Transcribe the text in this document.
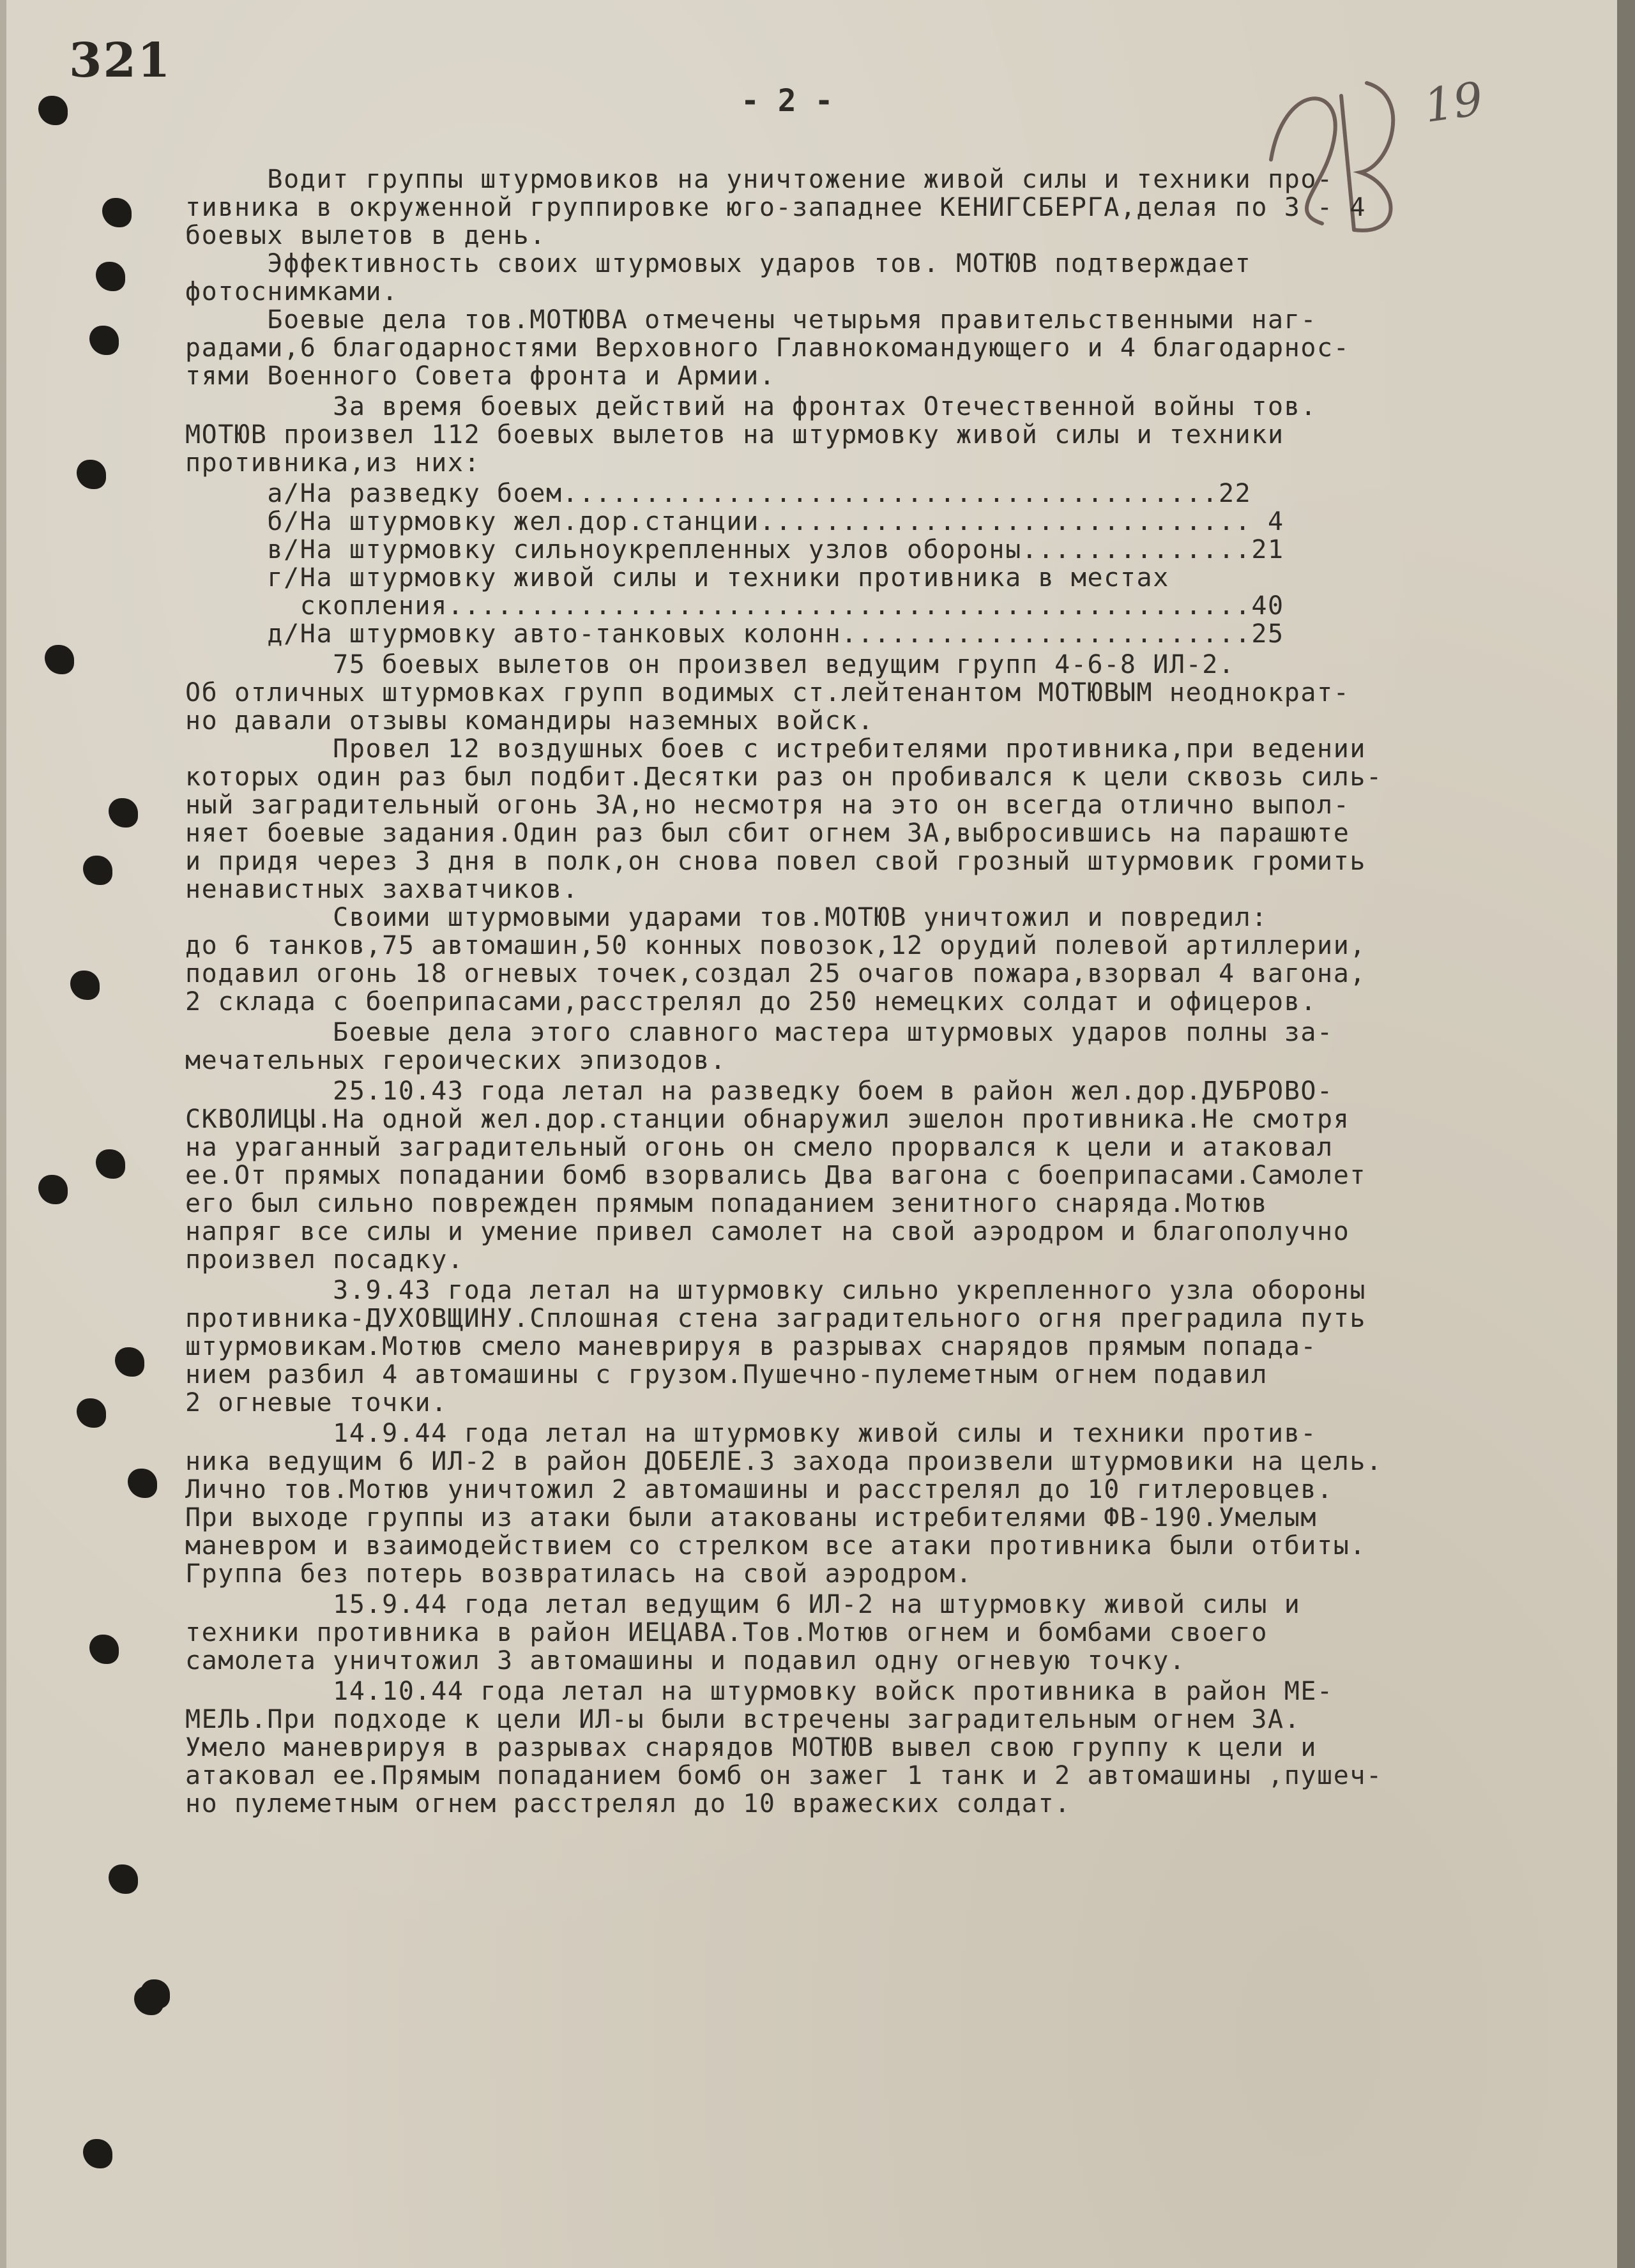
321
- 2 -	19
Водит группы штурмовиков на уничтожение живой силы и техники про-
тивника в окруженной группировке юго-западнее КЕНИГСБЕРГА,делая по 3 - 4
боевых вылетов в день.
Эффективность своих штурмовых ударов тов. МОТЮВ подтверждает
фотоснимками.
Боевые дела тов.МОТЮВА отмечены четырьмя правительственными наг-
радами,6 благодарностями Верховного Главнокомандующего и 4 благодарнос-
тями Военного Совета фронта и Армии.
За время боевых действий на фронтах Отечественной войны тов.
МОТЮВ произвел 112 боевых вылетов на штурмовку живой силы и техники
противника,из них:
а/На разведку боем........................................22
б/На штурмовку жел.дор.станции.............................. 4
в/На штурмовку сильноукрепленных узлов обороны..............21
г/На штурмовку живой силы и техники противника в местах
скопления.................................................40
д/На штурмовку авто-танковых колонн.........................25
75 боевых вылетов он произвел ведущим групп 4-6-8 ИЛ-2.
Об отличных штурмовках групп водимых ст.лейтенантом МОТЮВЫМ неоднократ-
но давали отзывы командиры наземных войск.
Провел 12 воздушных боев с истребителями противника,при ведении
которых один раз был подбит.Десятки раз он пробивался к цели сквозь силь-
ный заградительный огонь ЗА,но несмотря на это он всегда отлично выпол-
няет боевые задания.Один раз был сбит огнем ЗА,выбросившись на парашюте
и придя через 3 дня в полк,он снова повел свой грозный штурмовик громить
ненавистных захватчиков.
Своими штурмовыми ударами тов.МОТЮВ уничтожил и повредил:
до 6 танков,75 автомашин,50 конных повозок,12 орудий полевой артиллерии,
подавил огонь 18 огневых точек,создал 25 очагов пожара,взорвал 4 вагона,
2 склада с боеприпасами,расстрелял до 250 немецких солдат и офицеров.
Боевые дела этого славного мастера штурмовых ударов полны за-
мечательных героических эпизодов.
25.10.43 года летал на разведку боем в район жел.дор.ДУБРОВО-
СКВОЛИЦЫ.На одной жел.дор.станции обнаружил эшелон противника.Не смотря
на ураганный заградительный огонь он смело прорвался к цели и атаковал
ее.От прямых попадании бомб взорвались Два вагона с боеприпасами.Самолет
его был сильно поврежден прямым попаданием зенитного снаряда.Мотюв
напряг все силы и умение привел самолет на свой аэродром и благополучно
произвел посадку.
3.9.43 года летал на штурмовку сильно укрепленного узла обороны
противника-ДУХОВЩИНУ.Сплошная стена заградительного огня преградила путь
штурмовикам.Мотюв смело маневрируя в разрывах снарядов прямым попада-
нием разбил 4 автомашины с грузом.Пушечно-пулеметным огнем подавил
2 огневые точки.
14.9.44 года летал на штурмовку живой силы и техники против-
ника ведущим 6 ИЛ-2 в район ДОБЕЛЕ.3 захода произвели штурмовики на цель.
Лично тов.Мотюв уничтожил 2 автомашины и расстрелял до 10 гитлеровцев.
При выходе группы из атаки были атакованы истребителями ФВ-190.Умелым
маневром и взаимодействием со стрелком все атаки противника были отбиты.
Группа без потерь возвратилась на свой аэродром.
15.9.44 года летал ведущим 6 ИЛ-2 на штурмовку живой силы и
техники противника в район ИЕЦАВА.Тов.Мотюв огнем и бомбами своего
самолета уничтожил 3 автомашины и подавил одну огневую точку.
14.10.44 года летал на штурмовку войск противника в район МЕ-
МЕЛЬ.При подходе к цели ИЛ-ы были встречены заградительным огнем ЗА.
Умело маневрируя в разрывах снарядов МОТЮВ вывел свою группу к цели и
атаковал ее.Прямым попаданием бомб он зажег 1 танк и 2 автомашины ,пушеч-
но пулеметным огнем расстрелял до 10 вражеских солдат.
